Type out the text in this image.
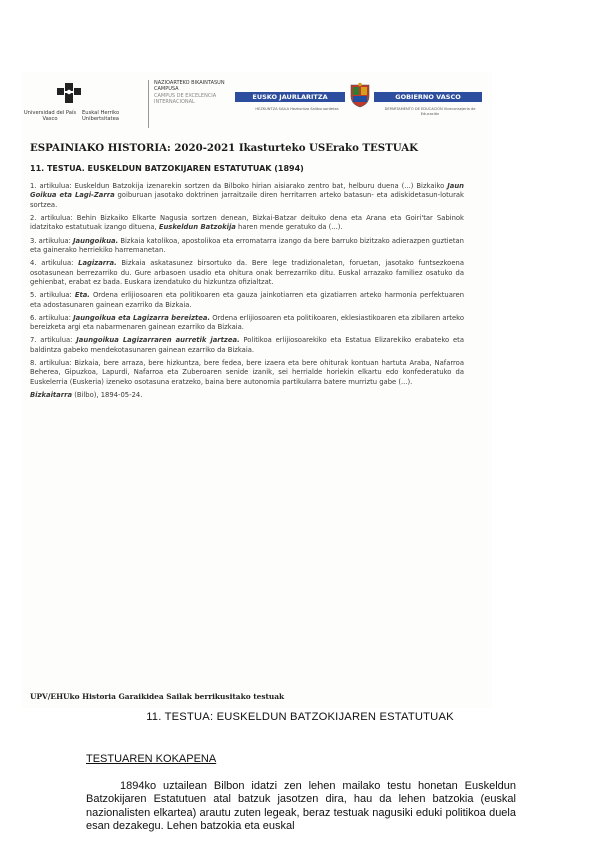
Universidad del País Vasco
Euskal Herriko Unibertsitatea
NAZIOARTEKO BIKAINTASUN CAMPUSA
CAMPUS DE EXCELENCIA INTERNACIONAL
EUSKO JAURLARITZA	GOBIERNO VASCO
HEZKUNTZA SAILA Hezkuntza Sailburuordetza	DEPARTAMENTO DE EDUCACIÓN Viceconsejería de Educación
ESPAINIAKO HISTORIA: 2020-2021 Ikasturteko USErako TESTUAK
11. TESTUA. EUSKELDUN BATZOKIJAREN ESTATUTUAK (1894)

1. artikulua: Euskeldun Batzokija izenarekin sortzen da Bilboko hirian aisiarako zentro bat, helburu duena (...) Bizkaiko Jaun Goikua eta Lagi-Zarra goiburuan jasotako doktrinen jarraitzaile diren herritarren arteko batasun- eta adiskidetasun-loturak sortzea.

2. artikulua: Behin Bizkaiko Elkarte Nagusia sortzen denean, Bizkai-Batzar deituko dena eta Arana eta Goiri'tar Sabinok idatzitako estatutuak izango dituena, Euskeldun Batzokija haren mende geratuko da (...).

3. artikulua: Jaungoikua. Bizkaia katolikoa, apostolikoa eta erromatarra izango da bere barruko bizitzako adierazpen guztietan eta gainerako herriekiko harremanetan.

4. artikulua: Lagizarra. Bizkaia askatasunez birsortuko da. Bere lege tradizionaletan, foruetan, jasotako funtsezkoena osotasunean berrezarriko du. Gure arbasoen usadio eta ohitura onak berrezarriko ditu. Euskal arrazako familiez osatuko da gehienbat, erabat ez bada. Euskara izendatuko du hizkuntza ofizialtzat.

5. artikulua: Eta. Ordena erlijiosoaren eta politikoaren eta gauza jainkotiarren eta gizatiarren arteko harmonia perfektuaren eta adostasunaren gainean ezarriko da Bizkaia.

6. artikulua: Jaungoikua eta Lagizarra bereiztea. Ordena erlijiosoaren eta politikoaren, eklesiastikoaren eta zibilaren arteko bereizketa argi eta nabarmenaren gainean ezarriko da Bizkaia.

7. artikulua: Jaungoikua Lagizarraren aurretik jartzea. Politikoa erlijiosoarekiko eta Estatua Elizarekiko erabateko eta baldintza gabeko mendekotasunaren gainean ezarriko da Bizkaia.

8. artikulua: Bizkaia, bere arraza, bere hizkuntza, bere fedea, bere izaera eta bere ohiturak kontuan hartuta Araba, Nafarroa Beherea, Gipuzkoa, Lapurdi, Nafarroa eta Zuberoaren senide izanik, sei herrialde horiekin elkartu edo konfederatuko da Euskelerria (Euskeria) izeneko osotasuna eratzeko, baina bere autonomia partikularra batere murriztu gabe (...).

Bizkaitarra (Bilbo), 1894-05-24.
UPV/EHUko Historia Garaikidea Sailak berrikusitako testuak
11. TESTUA: EUSKELDUN BATZOKIJAREN ESTATUTUAK
TESTUAREN KOKAPENA
1894ko uztailean Bilbon idatzi zen lehen mailako testu honetan Euskeldun Batzokijaren Estatutuen atal batzuk jasotzen dira, hau da lehen batzokia (euskal nazionalisten elkartea) arautu zuten legeak, beraz testuak nagusiki eduki politikoa duela esan dezakegu. Lehen batzokia eta euskal
